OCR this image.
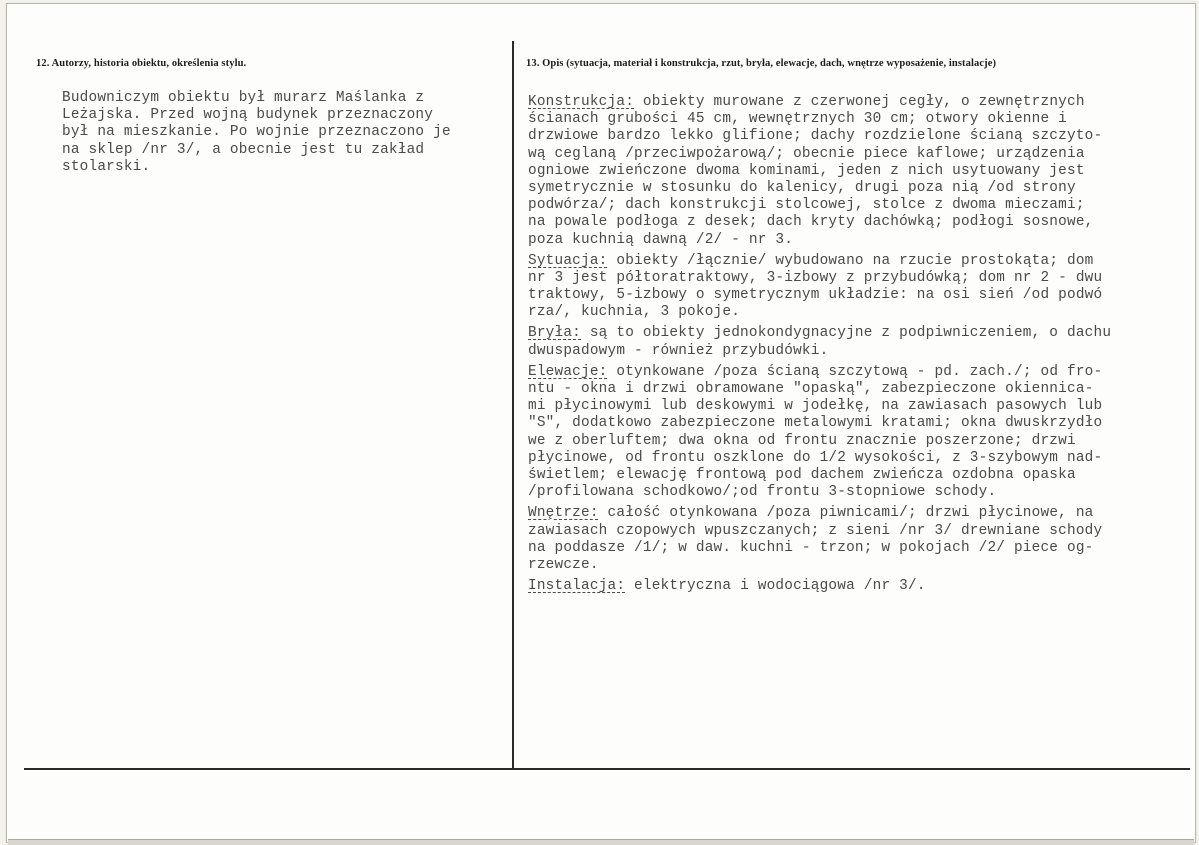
12. Autorzy, historia obiektu, określenia stylu.	13. Opis (sytuacja, materiał i konstrukcja, rzut, bryła, elewacje, dach, wnętrze wyposażenie, instalacje)
Budowniczym obiektu był murarz Maślanka z
Leżajska. Przed wojną budynek przeznaczony
był na mieszkanie. Po wojnie przeznaczono je
na sklep /nr 3/, a obecnie jest tu zakład
stolarski.
Konstrukcja: obiekty murowane z czerwonej cegły, o zewnętrznych
ścianach grubości 45 cm, wewnętrznych 30 cm; otwory okienne i
drzwiowe bardzo lekko glifione; dachy rozdzielone ścianą szczyto-
wą ceglaną /przeciwpożarową/; obecnie piece kaflowe; urządzenia
ogniowe zwieńczone dwoma kominami, jeden z nich usytuowany jest
symetrycznie w stosunku do kalenicy, drugi poza nią /od strony
podwórza/; dach konstrukcji stolcowej, stolce z dwoma mieczami;
na powale podłoga z desek; dach kryty dachówką; podłogi sosnowe,
poza kuchnią dawną /2/ - nr 3.
Sytuacja: obiekty /łącznie/ wybudowano na rzucie prostokąta; dom
nr 3 jest półtoratraktowy, 3-izbowy z przybudówką; dom nr 2 - dwu
traktowy, 5-izbowy o symetrycznym układzie: na osi sień /od podwó
rza/, kuchnia, 3 pokoje.
Bryła: są to obiekty jednokondygnacyjne z podpiwniczeniem, o dachu
dwuspadowym - również przybudówki.
Elewacje: otynkowane /poza ścianą szczytową - pd. zach./; od fro-
ntu - okna i drzwi obramowane "opaską", zabezpieczone okiennica-
mi płycinowymi lub deskowymi w jodełkę, na zawiasach pasowych lub
"S", dodatkowo zabezpieczone metalowymi kratami; okna dwuskrzydło
we z oberluftem; dwa okna od frontu znacznie poszerzone; drzwi
płycinowe, od frontu oszklone do 1/2 wysokości, z 3-szybowym nad-
świetlem; elewację frontową pod dachem zwieńcza ozdobna opaska
/profilowana schodkowo/;od frontu 3-stopniowe schody.
Wnętrze: całość otynkowana /poza piwnicami/; drzwi płycinowe, na
zawiasach czopowych wpuszczanych; z sieni /nr 3/ drewniane schody
na poddasze /1/; w daw. kuchni - trzon; w pokojach /2/ piece og-
rzewcze.
Instalacja: elektryczna i wodociągowa /nr 3/.
